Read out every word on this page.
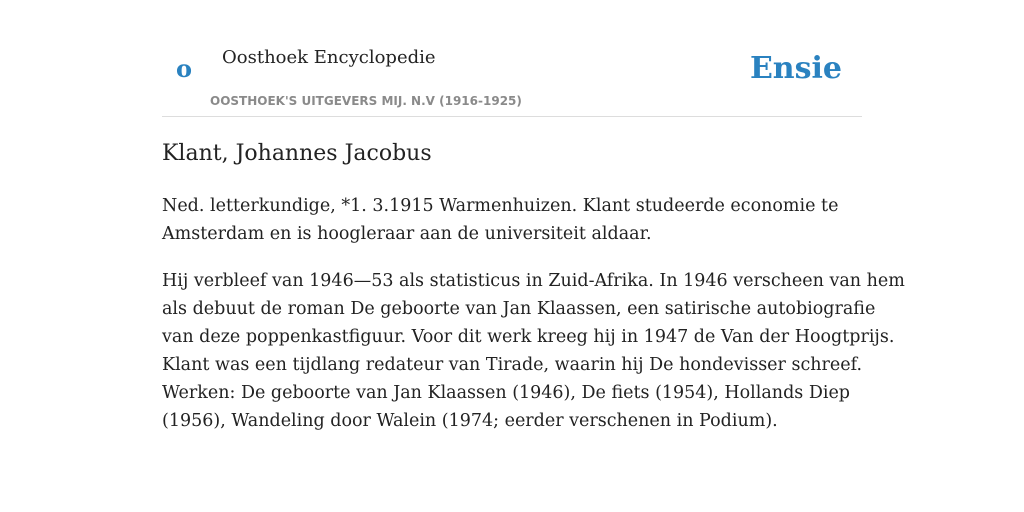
o Oosthoek Encyclopedie
OOSTHOEK'S UITGEVERS MIJ. N.V (1916-1925)
Ensie
Klant, Johannes Jacobus

Ned. letterkundige, *1. 3.1915 Warmenhuizen. Klant studeerde economie te
Amsterdam en is hoogleraar aan de universiteit aldaar.

Hij verbleef van 1946—53 als statisticus in Zuid-Afrika. In 1946 verscheen van hem
als debuut de roman De geboorte van Jan Klaassen, een satirische autobiografie
van deze poppenkastfiguur. Voor dit werk kreeg hij in 1947 de Van der Hoogtprijs.
Klant was een tijdlang redateur van Tirade, waarin hij De hondevisser schreef.
Werken: De geboorte van Jan Klaassen (1946), De fiets (1954), Hollands Diep
(1956), Wandeling door Walein (1974; eerder verschenen in Podium).
